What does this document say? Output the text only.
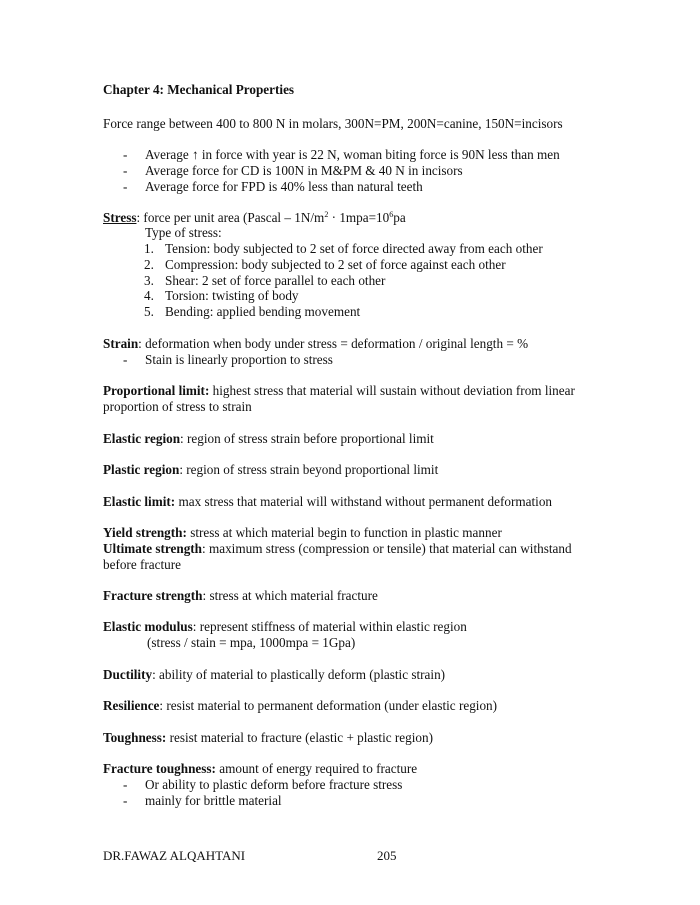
Chapter 4: Mechanical Properties
Force range between 400 to 800 N in molars, 300N=PM, 200N=canine, 150N=incisors
- Average ↑ in force with year is 22 N, woman biting force is 90N less than men
- Average force for CD is 100N in M&PM & 40 N in incisors
- Average force for FPD is 40% less than natural teeth
Stress: force per unit area (Pascal – $1N/m^2 \cdot 1mpa=10^6pa$
Type of stress:
1. Tension: body subjected to 2 set of force directed away from each other
2. Compression: body subjected to 2 set of force against each other
3. Shear: 2 set of force parallel to each other
4. Torsion: twisting of body
5. Bending: applied bending movement
Strain: deformation when body under stress = deformation / original length = %
- Stain is linearly proportion to stress
Proportional limit: highest stress that material will sustain without deviation from linear
proportion of stress to strain
Elastic region: region of stress strain before proportional limit
Plastic region: region of stress strain beyond proportional limit
Elastic limit: max stress that material will withstand without permanent deformation
Yield strength: stress at which material begin to function in plastic manner
Ultimate strength: maximum stress (compression or tensile) that material can withstand
before fracture
Fracture strength: stress at which material fracture
Elastic modulus: represent stiffness of material within elastic region
(stress / stain = mpa, 1000mpa = 1Gpa)
Ductility: ability of material to plastically deform (plastic strain)
Resilience: resist material to permanent deformation (under elastic region)
Toughness: resist material to fracture (elastic + plastic region)
Fracture toughness: amount of energy required to fracture
- Or ability to plastic deform before fracture stress
- mainly for brittle material
DR.FAWAZ ALQAHTANI	205
